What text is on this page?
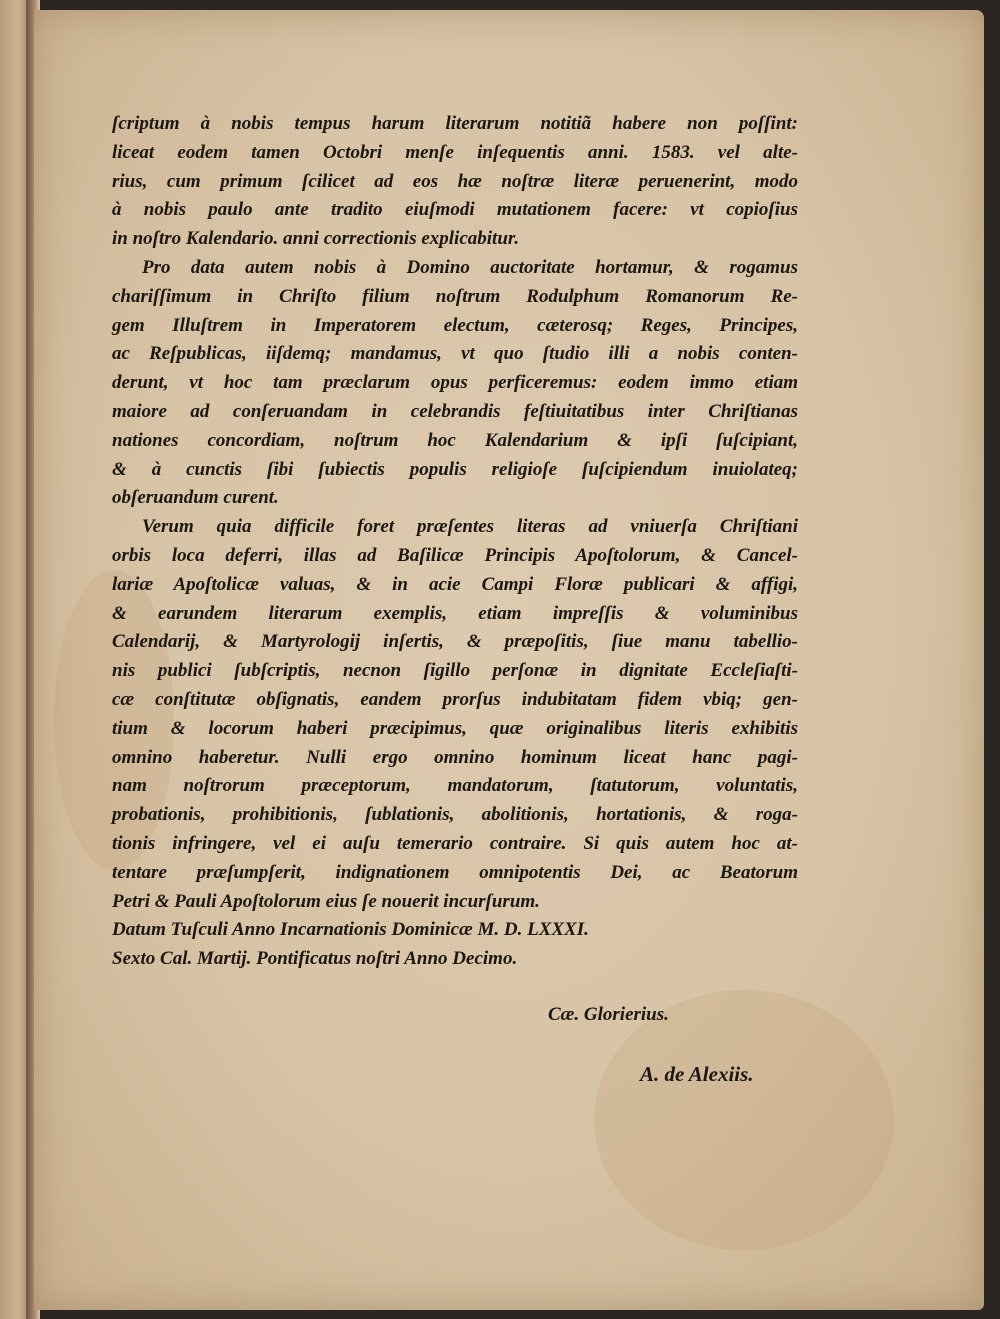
ſcriptum à nobis tempus harum literarum notitiã habere non poſſint:
liceat eodem tamen Octobri menſe inſequentis anni. 1583. vel alte-
rius, cum primum ſcilicet ad eos hæ noſtræ literæ peruenerint, modo
à nobis paulo ante tradito eiuſmodi mutationem facere: vt copioſius
in noſtro Kalendario. anni correctionis explicabitur.
Pro data autem nobis à Domino auctoritate hortamur, & rogamus
chariſſimum in Chriſto filium noſtrum Rodulphum Romanorum Re-
gem Illuſtrem in Imperatorem electum, cæterosq; Reges, Principes,
ac Reſpublicas, iiſdemq; mandamus, vt quo ſtudio illi a nobis conten-
derunt, vt hoc tam præclarum opus perficeremus: eodem immo etiam
maiore ad conſeruandam in celebrandis feſtiuitatibus inter Chriſtianas
nationes concordiam, noſtrum hoc Kalendarium & ipſi ſuſcipiant,
& à cunctis ſibi ſubiectis populis religioſe ſuſcipiendum inuiolateq;
obſeruandum curent.
Verum quia difficile foret præſentes literas ad vniuerſa Chriſtiani
orbis loca deferri, illas ad Baſilicæ Principis Apoſtolorum, & Cancel-
lariæ Apoſtolicæ valuas, & in acie Campi Floræ publicari & affigi,
& earundem literarum exemplis, etiam impreſſis & voluminibus
Calendarij, & Martyrologij inſertis, & præpoſitis, ſiue manu tabellio-
nis publici ſubſcriptis, necnon ſigillo perſonæ in dignitate Eccleſiaſti-
cæ conſtitutæ obſignatis, eandem prorſus indubitatam fidem vbiq; gen-
tium & locorum haberi præcipimus, quæ originalibus literis exhibitis
omnino haberetur. Nulli ergo omnino hominum liceat hanc pagi-
nam noſtrorum præceptorum, mandatorum, ſtatutorum, voluntatis,
probationis, prohibitionis, ſublationis, abolitionis, hortationis, & roga-
tionis infringere, vel ei auſu temerario contraire. Si quis autem hoc at-
tentare præſumpſerit, indignationem omnipotentis Dei, ac Beatorum
Petri & Pauli Apoſtolorum eius ſe nouerit incurſurum.
Datum Tuſculi Anno Incarnationis Dominicæ M. D. LXXXI.
Sexto Cal. Martij. Pontificatus noſtri Anno Decimo.
Cæ. Glorierius.
A. de Alexiis.
